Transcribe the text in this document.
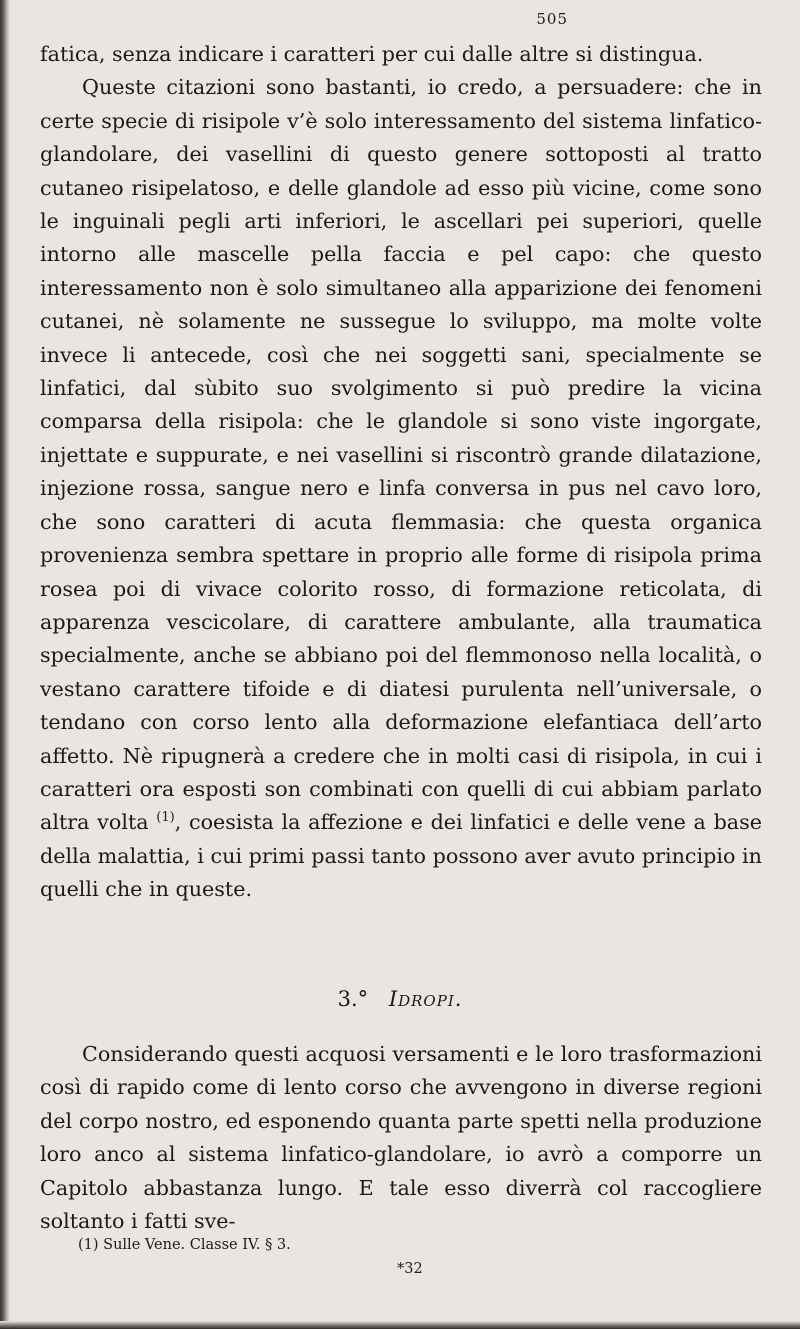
505

fatica, senza indicare i caratteri per cui dalle altre si distingua.

Queste citazioni sono bastanti, io credo, a persuadere: che in certe specie di risipole v’è solo interessamento del sistema linfatico-glandolare, dei vasellini di questo genere sottoposti al tratto cutaneo risipelatoso, e delle glandole ad esso più vicine, come sono le inguinali pegli arti inferiori, le ascellari pei superiori, quelle intorno alle mascelle pella faccia e pel capo: che questo interessamento non è solo simultaneo alla apparizione dei fenomeni cutanei, nè solamente ne sussegue lo sviluppo, ma molte volte invece li antecede, così che nei soggetti sani, specialmente se linfatici, dal sùbito suo svolgimento si può predire la vicina comparsa della risipola: che le glandole si sono viste ingorgate, injettate e suppurate, e nei vasellini si riscontrò grande dilatazione, injezione rossa, sangue nero e linfa conversa in pus nel cavo loro, che sono caratteri di acuta flemmasia: che questa organica provenienza sembra spettare in proprio alle forme di risipola prima rosea poi di vivace colorito rosso, di formazione reticolata, di apparenza vescicolare, di carattere ambulante, alla traumatica specialmente, anche se abbiano poi del flemmonoso nella località, o vestano carattere tifoide e di diatesi purulenta nell’universale, o tendano con corso lento alla deformazione elefantiaca dell’arto affetto. Nè ripugnerà a credere che in molti casi di risipola, in cui i caratteri ora esposti son combinati con quelli di cui abbiam parlato altra volta $^{(1)}$, coesista la affezione e dei linfatici e delle vene a base della malattia, i cui primi passi tanto possono aver avuto principio in quelli che in queste.

3.° Idropi.

Considerando questi acquosi versamenti e le loro trasformazioni così di rapido come di lento corso che avvengono in diverse regioni del corpo nostro, ed esponendo quanta parte spetti nella produzione loro anco al sistema linfatico-glandolare, io avrò a comporre un Capitolo abbastanza lungo. E tale esso diverrà col raccogliere soltanto i fatti sve-

(1) Sulle Vene. Classe IV. § 3.
*32
